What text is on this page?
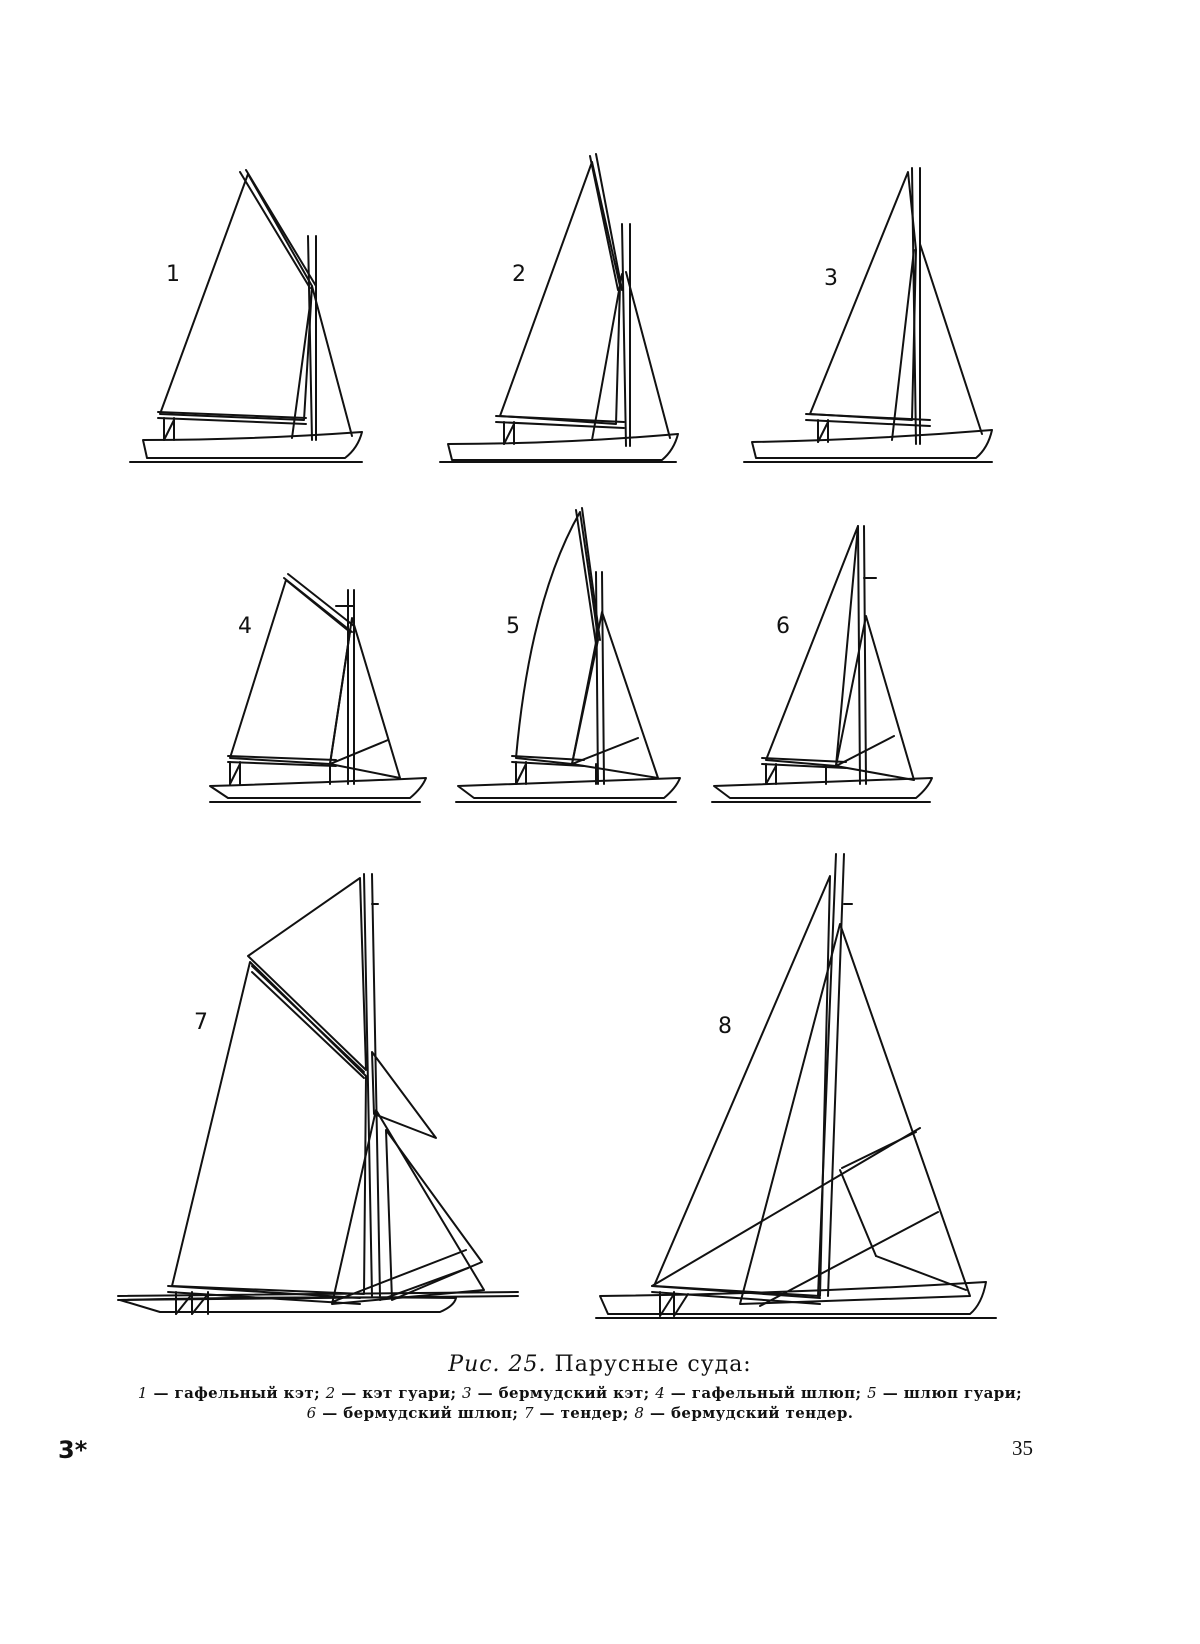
1	2	3
4	5	6
7	8
Рис. 25. Парусные суда:
1 — гафельный кэт; 2 — кэт гуари; 3 — бермудский кэт; 4 — гафельный шлюп; 5 — шлюп гуари;
6 — бермудский шлюп; 7 — тендер; 8 — бермудский тендер.
3*	35
